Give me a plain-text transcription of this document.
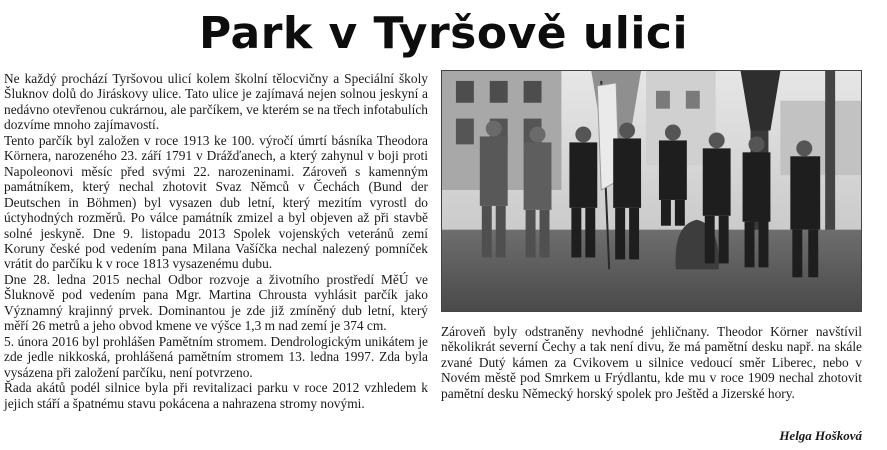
Park v Tyršově ulici

Ne každý prochází Tyršovou ulicí kolem školní tělocvičny a Speciální školy Šluknov dolů do Jiráskovy ulice. Tato ulice je zajímavá nejen solnou jeskyní a nedávno otevřenou cukrárnou, ale parčíkem, ve kterém se na třech infotabulích dozvíme mnoho zajímavostí.

Tento parčík byl založen v roce 1913 ke 100. výročí úmrtí básníka Theodora Körnera, narozeného 23. září 1791 v Drážďanech, a který zahynul v boji proti Napoleonovi měsíc před svými 22. narozeninami. Zároveň s kamenným památníkem, který nechal zhotovit Svaz Němců v Čechách (Bund der Deutschen in Böhmen) byl vysazen dub letní, který mezitím vyrostl do úctyhodných rozměrů. Po válce památník zmizel a byl objeven až při stavbě solné jeskyně. Dne 9. listopadu 2013 Spolek vojenských veteránů zemí Koruny české pod vedením pana Milana Vašíčka nechal nalezený pomníček vrátit do parčíku k v roce 1813 vysazenému dubu.

Dne 28. ledna 2015 nechal Odbor rozvoje a životního prostředí MěÚ ve Šluknově pod vedením pana Mgr. Martina Chrousta vyhlásit parčík jako Významný krajinný prvek. Dominantou je zde již zmíněný dub letní, který měří 26 metrů a jeho obvod kmene ve výšce 1,3 m nad zemí je 374 cm.

5. února 2016 byl prohlášen Pamětním stromem. Dendrologickým unikátem je zde jedle nikkoská, prohlášená pamětním stromem 13. ledna 1997. Zda byla vysázena při založení parčíku, není potvrzeno.

Řada akátů podél silnice byla při revitalizaci parku v roce 2012 vzhledem k jejich stáří a špatnému stavu pokácena a nahrazena stromy novými.

Zároveň byly odstraněny nevhodné jehličnany. Theodor Körner navštívil několikrát severní Čechy a tak není divu, že má pamětní desku např. na skále zvané Dutý kámen za Cvikovem u silnice vedoucí směr Liberec, nebo v Novém městě pod Smrkem u Frýdlantu, kde mu v roce 1909 nechal zhotovit pamětní desku Německý horský spolek pro Ještěd a Jizerské hory.
Helga Hošková
